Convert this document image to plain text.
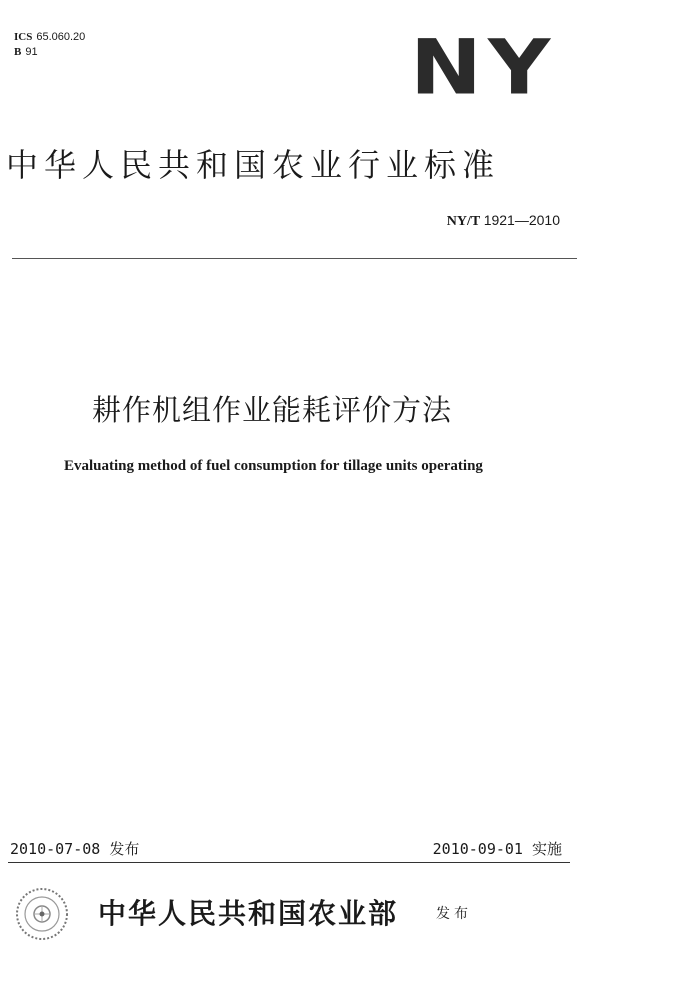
ICS 65.060.20
B 91	NY
中华人民共和国农业行业标准
NY/T 1921—2010
耕作机组作业能耗评价方法
Evaluating method of fuel consumption for tillage units operating
2010-07-08 发布	2010-09-01 实施
中华人民共和国农业部	发布
